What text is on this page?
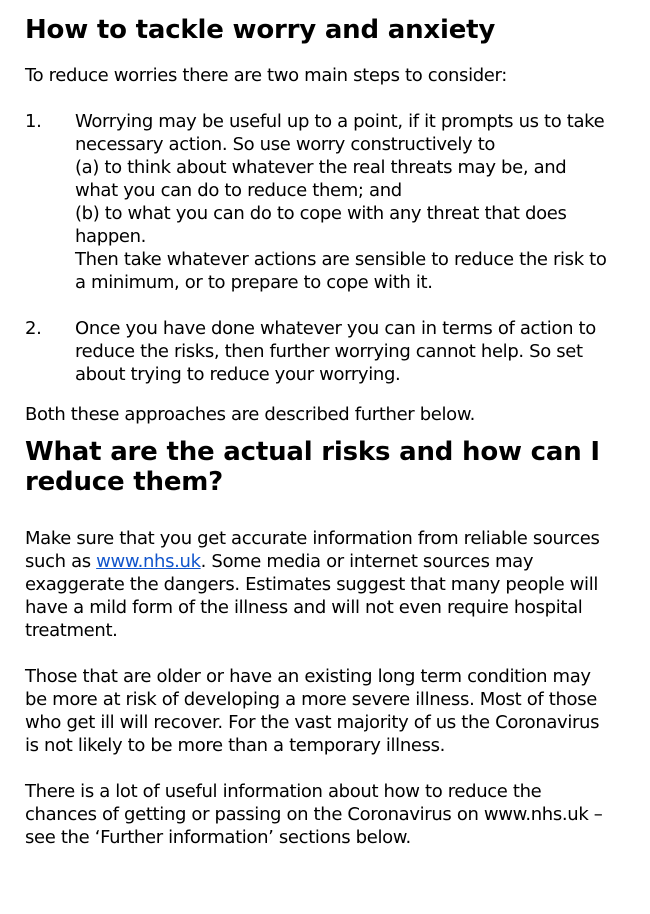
How to tackle worry and anxiety

To reduce worries there are two main steps to consider:

1.	Worrying may be useful up to a point, if it prompts us to take necessary action. So use worry constructively to
(a) to think about whatever the real threats may be, and what you can do to reduce them; and
(b) to what you can do to cope with any threat that does happen.
Then take whatever actions are sensible to reduce the risk to a minimum, or to prepare to cope with it.
2.	Once you have done whatever you can in terms of action to reduce the risks, then further worrying cannot help. So set about trying to reduce your worrying.

Both these approaches are described further below.

What are the actual risks and how can I reduce them?

Make sure that you get accurate information from reliable sources such as www.nhs.uk. Some media or internet sources may exaggerate the dangers. Estimates suggest that many people will have a mild form of the illness and will not even require hospital treatment.

Those that are older or have an existing long term condition may be more at risk of developing a more severe illness. Most of those who get ill will recover. For the vast majority of us the Coronavirus is not likely to be more than a temporary illness.

There is a lot of useful information about how to reduce the chances of getting or passing on the Coronavirus on www.nhs.uk – see the ‘Further information’ sections below.
